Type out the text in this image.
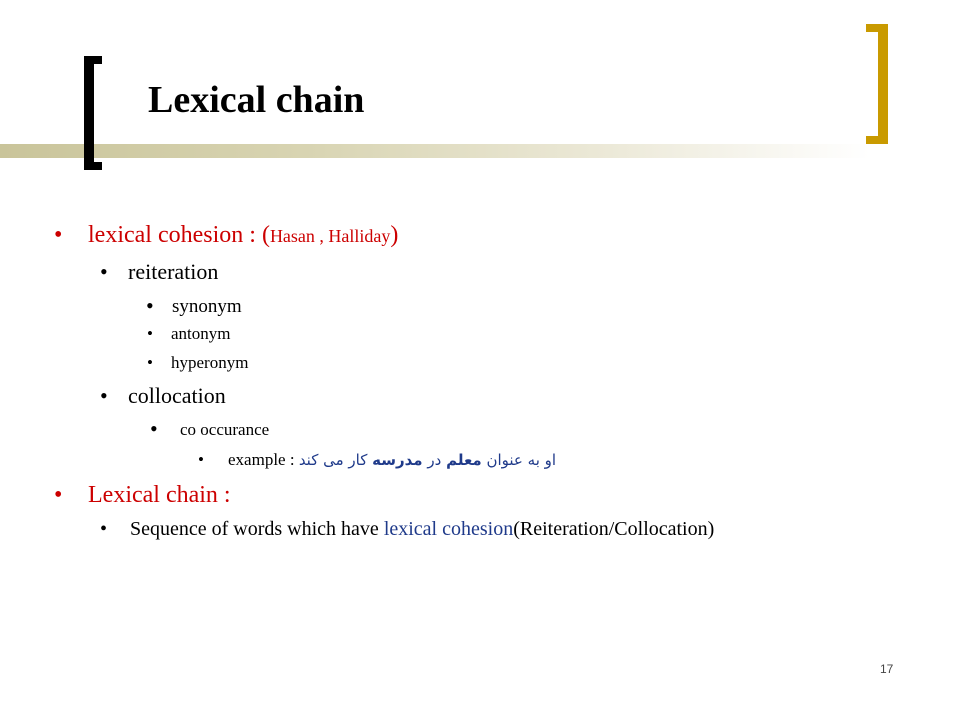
Lexical chain
• lexical cohesion : (Hasan , Halliday)
• reiteration
• synonym
• antonym
• hyperonym
• collocation
• co occurance
• example :	او به عنوان معلم در مدرسه کار می کند
• Lexical chain :
• Sequence of words which have lexical cohesion(Reiteration/Collocation)
17
